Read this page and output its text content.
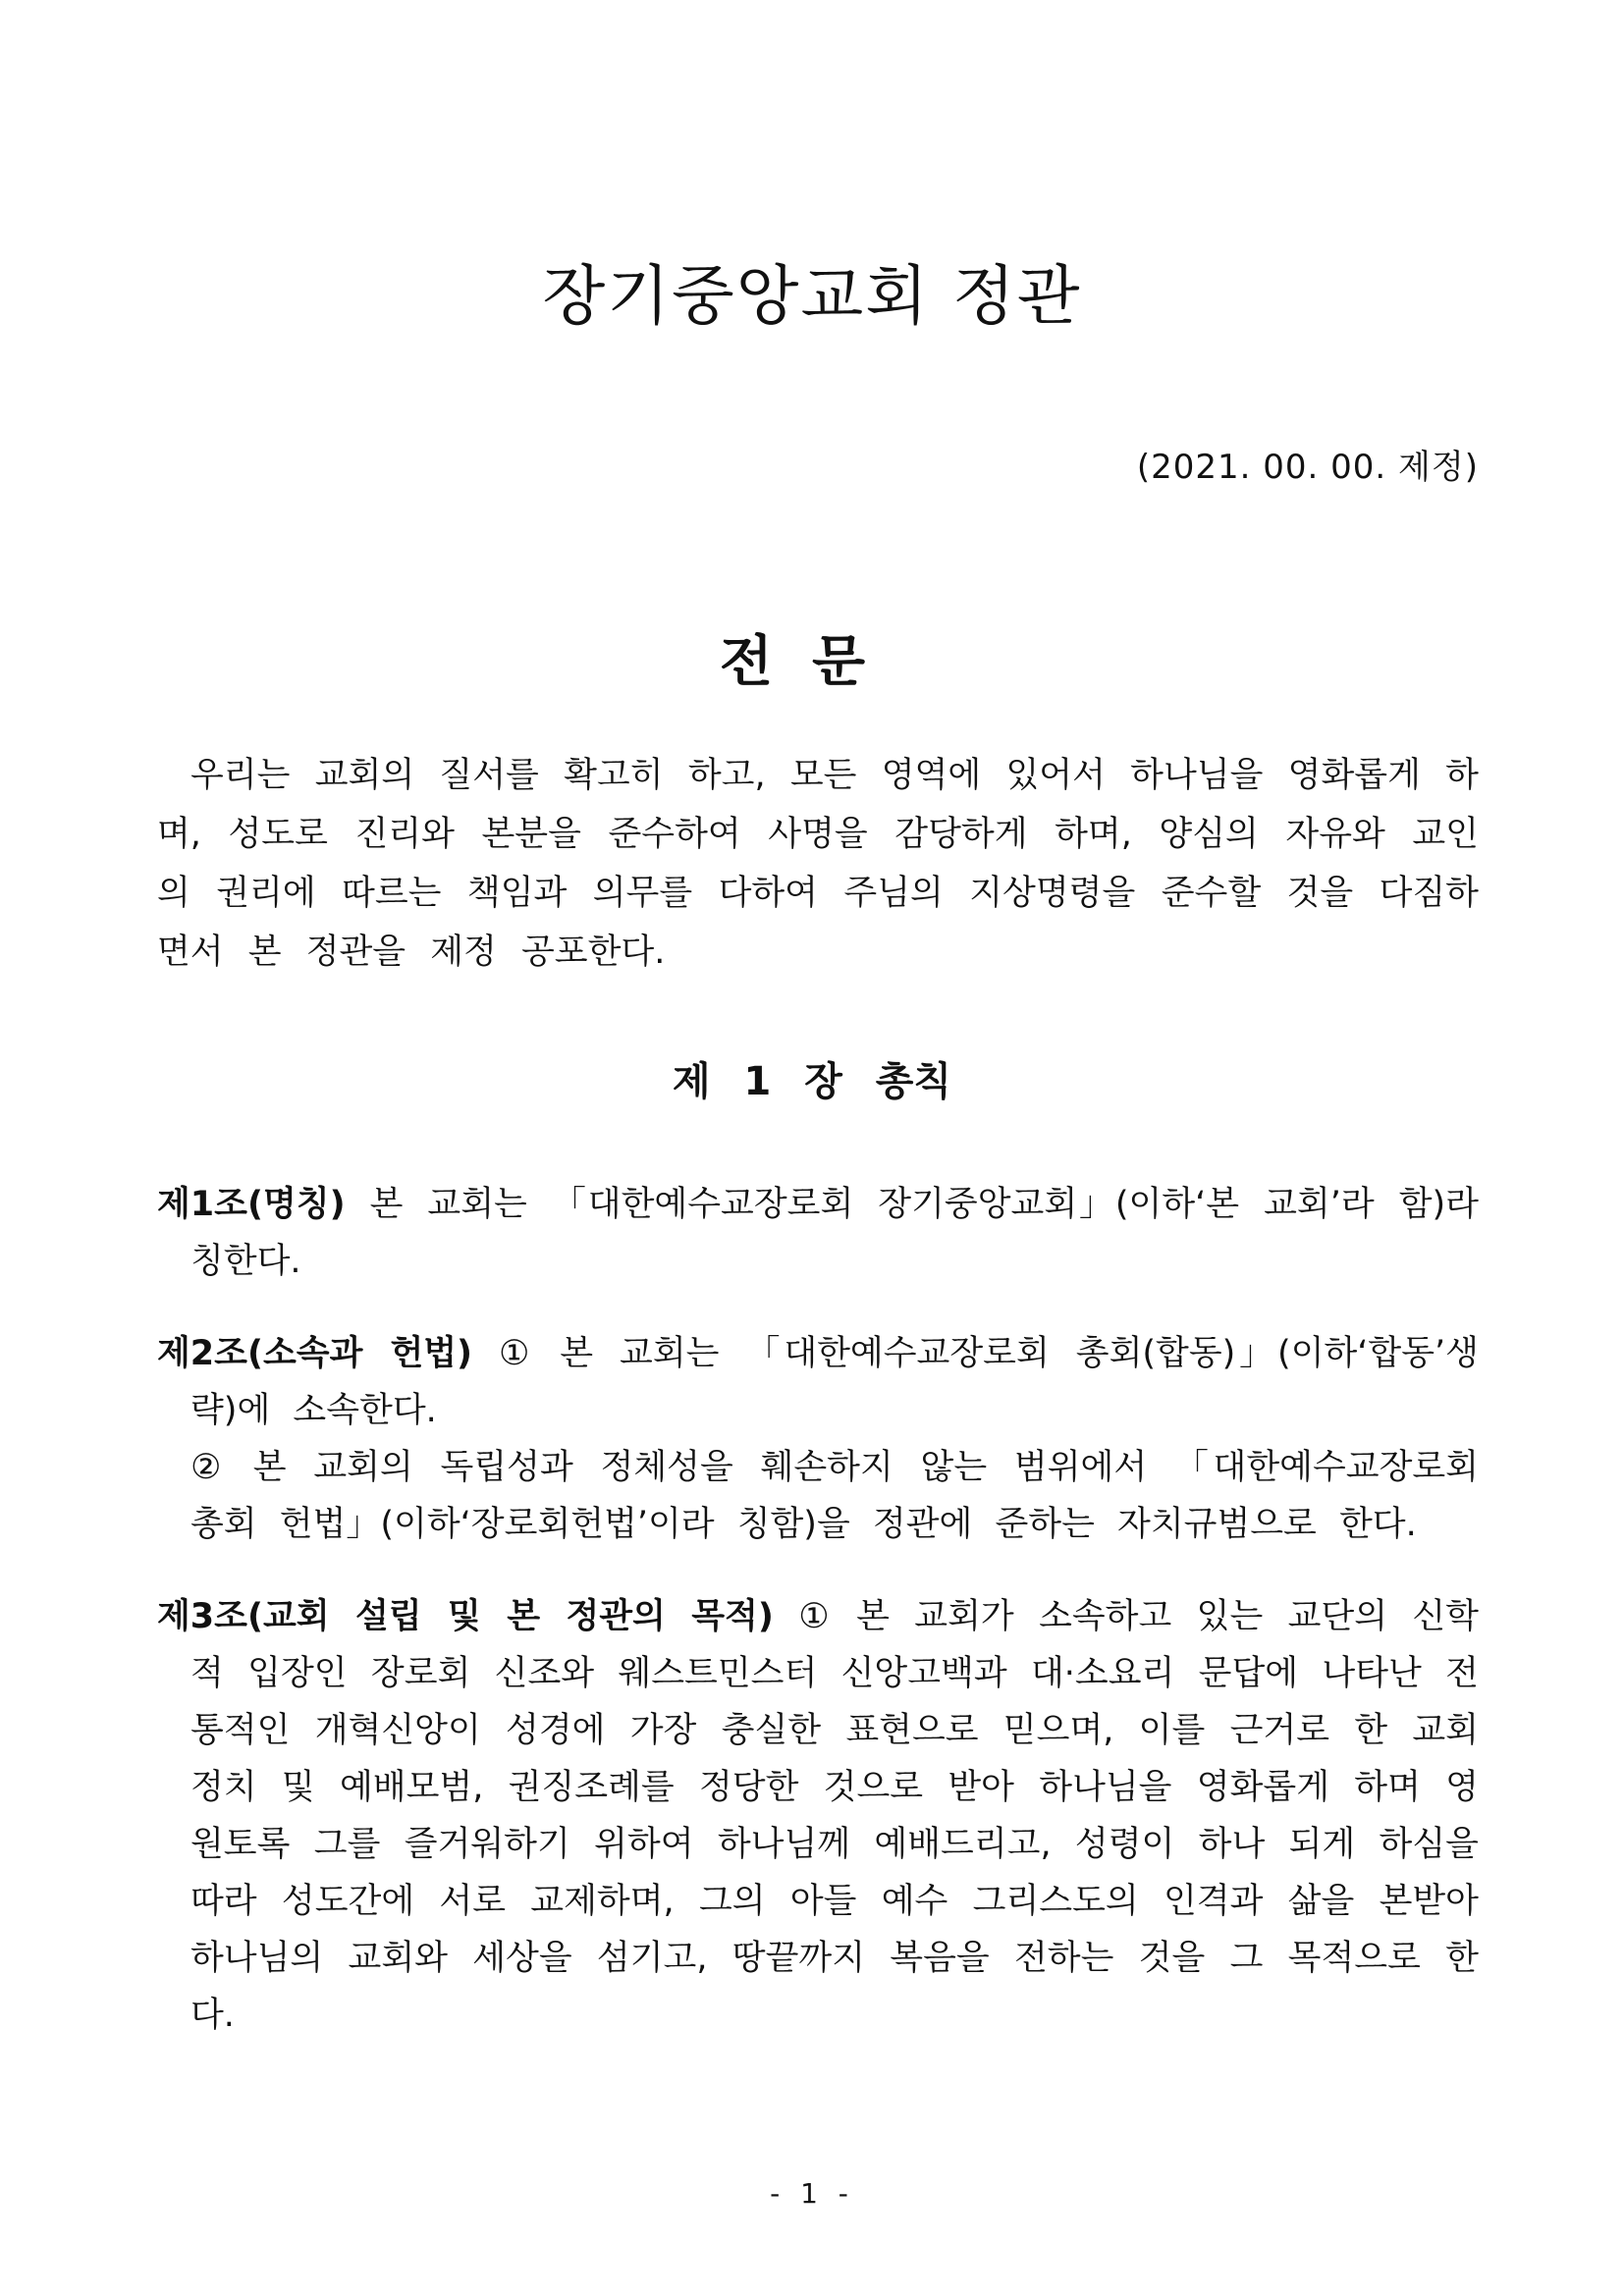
장기중앙교회 정관
(2021. 00. 00. 제정)
전문

우리는 교회의 질서를 확고히 하고, 모든 영역에 있어서 하나님을 영화롭게 하며, 성도로 진리와 본분을 준수하여 사명을 감당하게 하며, 양심의 자유와 교인의 권리에 따르는 책임과 의무를 다하여 주님의 지상명령을 준수할 것을 다짐하면서 본 정관을 제정 공포한다.

제 1 장 총칙

제1조(명칭) 본 교회는 「대한예수교장로회 장기중앙교회」(이하‘본 교회’라 함)라 칭한다.

제2조(소속과 헌법) ① 본 교회는 「대한예수교장로회 총회(합동)」(이하‘합동’생략)에 소속한다.

② 본 교회의 독립성과 정체성을 훼손하지 않는 범위에서 「대한예수교장로회 총회 헌법」(이하‘장로회헌법’이라 칭함)을 정관에 준하는 자치규범으로 한다.

제3조(교회 설립 및 본 정관의 목적) ① 본 교회가 소속하고 있는 교단의 신학적 입장인 장로회 신조와 웨스트민스터 신앙고백과 대·소요리 문답에 나타난 전통적인 개혁신앙이 성경에 가장 충실한 표현으로 믿으며, 이를 근거로 한 교회정치 및 예배모범, 권징조례를 정당한 것으로 받아 하나님을 영화롭게 하며 영원토록 그를 즐거워하기 위하여 하나님께 예배드리고, 성령이 하나 되게 하심을 따라 성도간에 서로 교제하며, 그의 아들 예수 그리스도의 인격과 삶을 본받아 하나님의 교회와 세상을 섬기고, 땅끝까지 복음을 전하는 것을 그 목적으로 한다.

- 1 -
